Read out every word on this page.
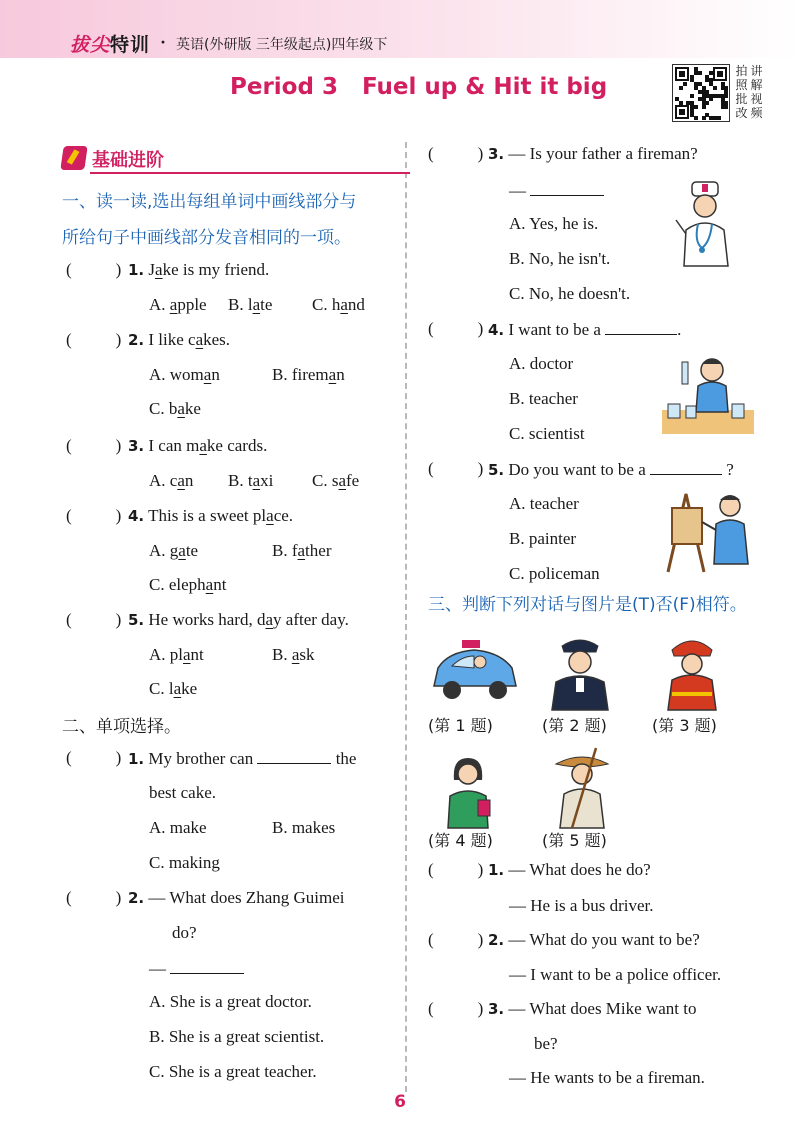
拔尖特训 · 英语(外研版 三年级起点)四年级下
Period 3   Fuel up & Hit it big
拍 讲
照 解
批 视
改 频
基础进阶
一、读一读,选出每组单词中画线部分与
所给句子中画线部分发音相同的一项。
(	) 1. Jake is my friend.
A. apple B. late C. hand
(	) 2. I like cakes.
A. woman	B. fireman
C. bake
(	) 3. I can make cards.
A. can B. taxi C. safe
(	) 4. This is a sweet place.
A. gate	B. father
C. elephant
(	) 5. He works hard, day after day.
A. plant	B. ask
C. lake
二、单项选择。
(	) 1. My brother can	the
best cake.
A. make	B. makes
C. making
(	) 2. — What does Zhang Guimei
do?
—
A. She is a great doctor.
B. She is a great scientist.
C. She is a great teacher.
(	) 3. — Is your father a fireman?
—
A. Yes, he is.
B. No, he isn't.
C. No, he doesn't.
(	) 4. I want to be a	.
A. doctor
B. teacher
C. scientist
(	) 5. Do you want to be a	?
A. teacher
B. painter
C. policeman
三、判断下列对话与图片是(T)否(F)相符。
(第 1 题)	(第 2 题)	(第 3 题)
(第 4 题)	(第 5 题)
(	) 1. — What does he do?
— He is a bus driver.
(	) 2. — What do you want to be?
— I want to be a police officer.
(	) 3. — What does Mike want to
be?
— He wants to be a fireman.
6
